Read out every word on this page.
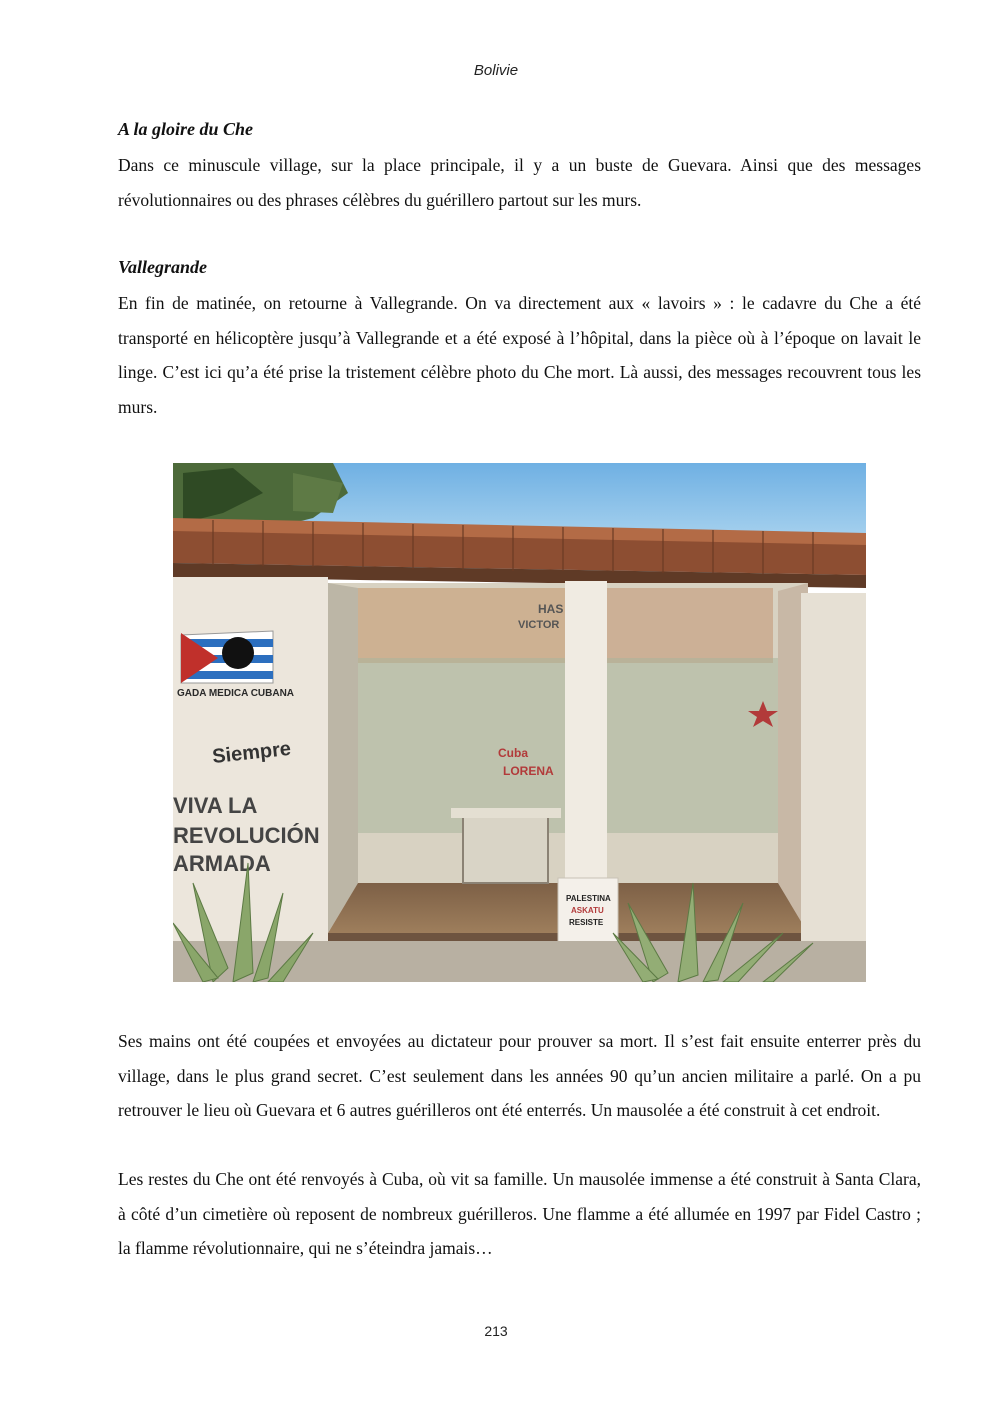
Bolivie
A la gloire du Che

Dans ce minuscule village, sur la place principale, il y a un buste de Guevara. Ainsi que des messages révolutionnaires ou des phrases célèbres du guérillero partout sur les murs.

Vallegrande

En fin de matinée, on retourne à Vallegrande. On va directement aux « lavoirs » : le cadavre du Che a été transporté en hélicoptère jusqu’à Vallegrande et a été exposé à l’hôpital, dans la pièce où à l’époque on lavait le linge. C’est ici qu’a été prise la tristement célèbre photo du Che mort. Là aussi, des messages recouvrent tous les murs.

GADA MEDICA CUBANA
Siempre
VIVA LA
REVOLUCIÓN
ARMADA
HAS
VICTOR
Cuba
LORENA
PALESTINA
ASKATU
RESISTE

Ses mains ont été coupées et envoyées au dictateur pour prouver sa mort. Il s’est fait ensuite enterrer près du village, dans le plus grand secret. C’est seulement dans les années 90 qu’un ancien militaire a parlé. On a pu retrouver le lieu où Guevara et 6 autres guérilleros ont été enterrés. Un mausolée a été construit à cet endroit.

Les restes du Che ont été renvoyés à Cuba, où vit sa famille. Un mausolée immense a été construit à Santa Clara, à côté d’un cimetière où reposent de nombreux guérilleros. Une flamme a été allumée en 1997 par Fidel Castro ; la flamme révolutionnaire, qui ne s’éteindra jamais…

213
